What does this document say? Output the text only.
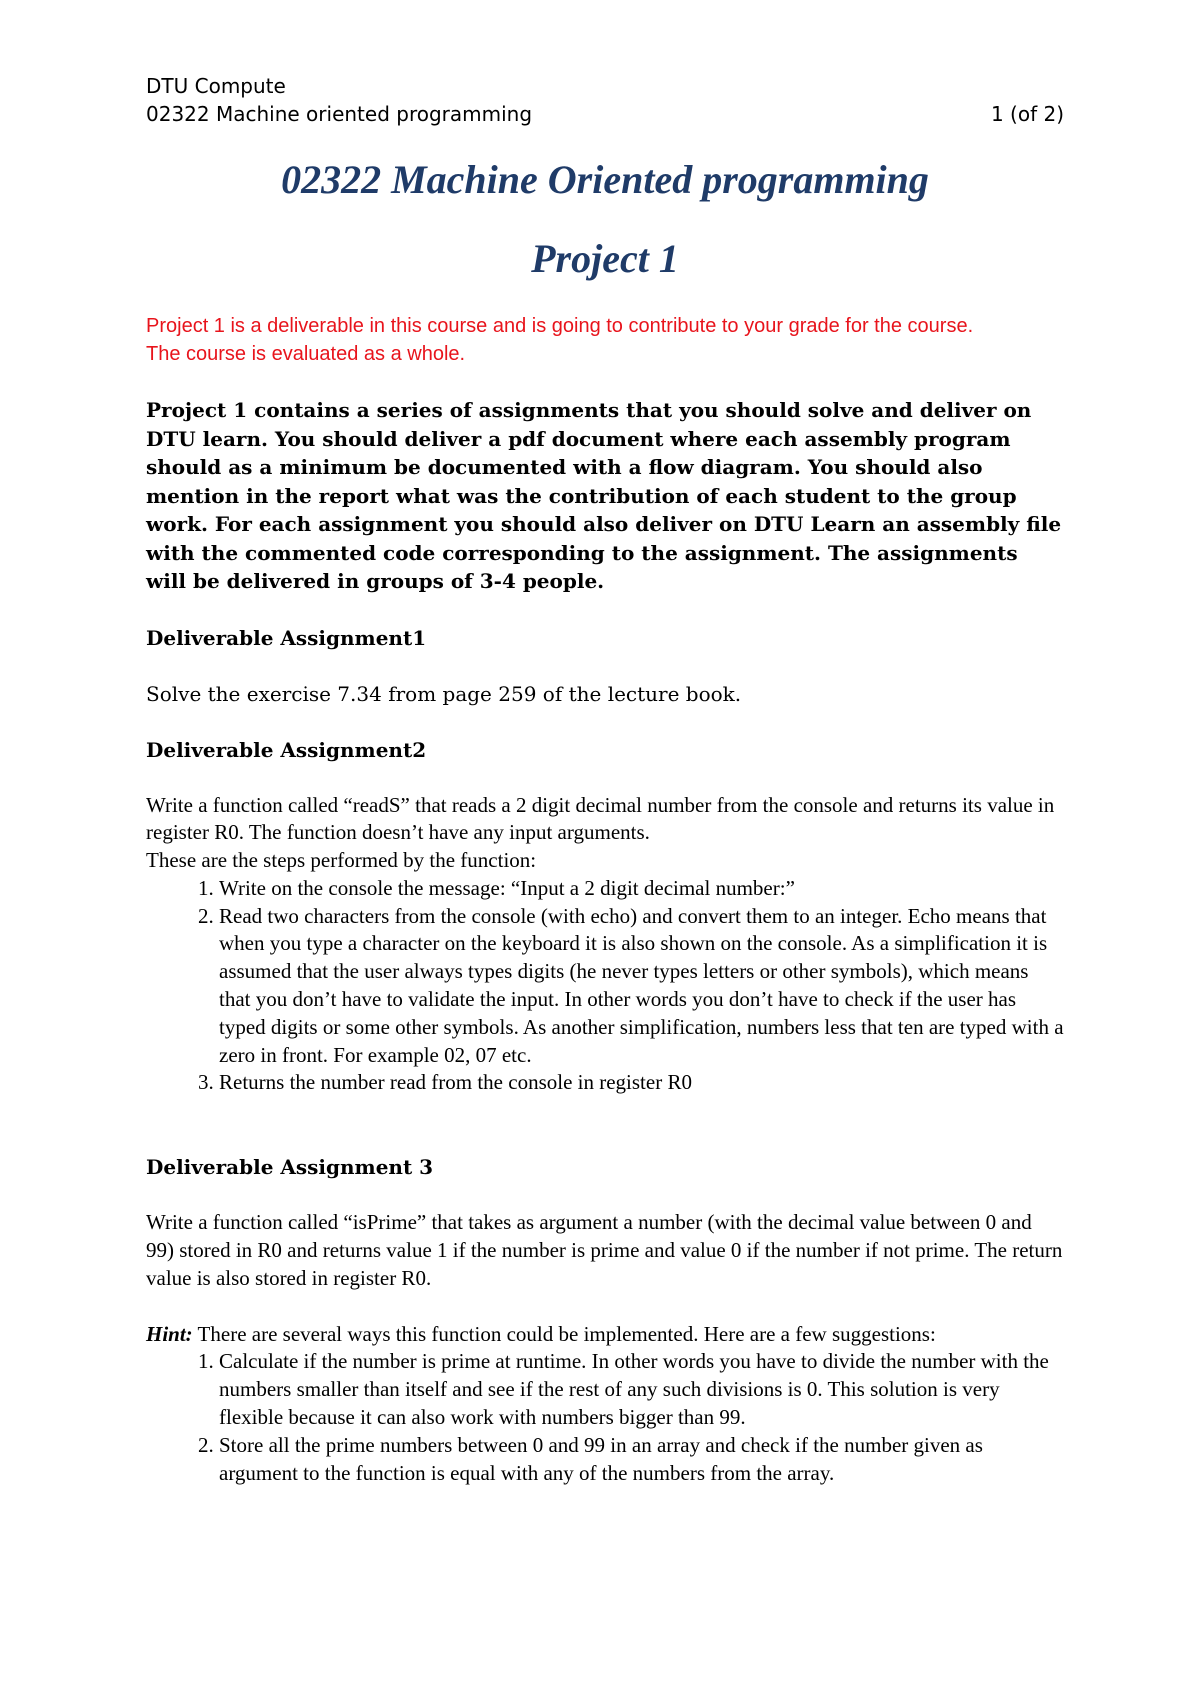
DTU Compute
02322 Machine oriented programming	1 (of 2)
02322 Machine Oriented programming
Project 1

Project 1 is a deliverable in this course and is going to contribute to your grade for the course.

The course is evaluated as a whole.

Project 1 contains a series of assignments that you should solve and deliver on DTU learn. You should deliver a pdf document where each assembly program should as a minimum be documented with a flow diagram. You should also mention in the report what was the contribution of each student to the group work. For each assignment you should also deliver on DTU Learn an assembly file with the commented code corresponding to the assignment. The assignments will be delivered in groups of 3-4 people.

Deliverable Assignment1

Solve the exercise 7.34 from page 259 of the lecture book.

Deliverable Assignment2

Write a function called “readS” that reads a 2 digit decimal number from the console and returns its value in register R0. The function doesn’t have any input arguments.

These are the steps performed by the function:

1. Write on the console the message: “Input a 2 digit decimal number:”
2. Read two characters from the console (with echo) and convert them to an integer. Echo means that when you type a character on the keyboard it is also shown on the console. As a simplification it is assumed that the user always types digits (he never types letters or other symbols), which means that you don’t have to validate the input. In other words you don’t have to check if the user has typed digits or some other symbols. As another simplification, numbers less that ten are typed with a zero in front. For example 02, 07 etc.
3. Returns the number read from the console in register R0

Deliverable Assignment 3

Write a function called “isPrime” that takes as argument a number (with the decimal value between 0 and 99) stored in R0 and returns value 1 if the number is prime and value 0 if the number if not prime. The return value is also stored in register R0.

Hint: There are several ways this function could be implemented. Here are a few suggestions:

1. Calculate if the number is prime at runtime. In other words you have to divide the number with the numbers smaller than itself and see if the rest of any such divisions is 0. This solution is very flexible because it can also work with numbers bigger than 99.
2. Store all the prime numbers between 0 and 99 in an array and check if the number given as argument to the function is equal with any of the numbers from the array.
